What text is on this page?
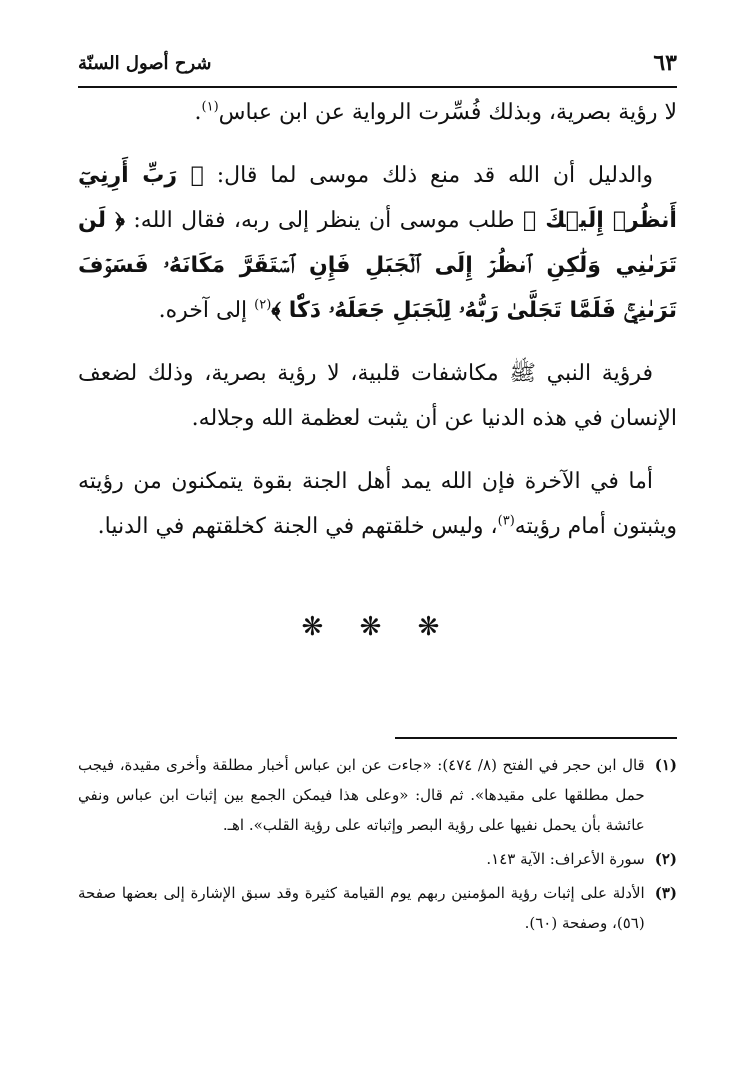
شرح أصول السنّة	٦٣

لا رؤية بصرية، وبذلك فُسِّرت الرواية عن ابن عباس$^{(١)}$.

والدليل أن الله قد منع ذلك موسى لما قال: ﴿ رَبِّ أَرِنِيٓ أَنظُرۡ إِلَيۡكَ ﴾ طلب موسى أن ينظر إلى ربه، فقال الله: ﴿ لَن تَرَىٰنِي وَلَٰكِنِ ٱنظُرۡ إِلَى ٱلۡجَبَلِ فَإِنِ ٱسۡتَقَرَّ مَكَانَهُۥ فَسَوۡفَ تَرَىٰنِيۚ فَلَمَّا تَجَلَّىٰ رَبُّهُۥ لِلۡجَبَلِ جَعَلَهُۥ دَكّٗا ﴾$^{(٢)}$ إلى آخره.

فرؤية النبي ﷺ مكاشفات قلبية، لا رؤية بصرية، وذلك لضعف الإنسان في هذه الدنيا عن أن يثبت لعظمة الله وجلاله.

أما في الآخرة فإن الله يمد أهل الجنة بقوة يتمكنون من رؤيته ويثبتون أمام رؤيته$^{(٣)}$، وليس خلقتهم في الجنة كخلقتهم في الدنيا.

❋ ❋ ❋
(١)
قال ابن حجر في الفتح (٨/ ٤٧٤): «جاءت عن ابن عباس أخبار مطلقة وأخرى مقيدة، فيجب حمل مطلقها على مقيدها». ثم قال: «وعلى هذا فيمكن الجمع بين إثبات ابن عباس ونفي عائشة بأن يحمل نفيها على رؤية البصر وإثباته على رؤية القلب». اهـ.
(٢)
سورة الأعراف: الآية ١٤٣.
(٣)
الأدلة على إثبات رؤية المؤمنين ربهم يوم القيامة كثيرة وقد سبق الإشارة إلى بعضها صفحة (٥٦)، وصفحة (٦٠).
